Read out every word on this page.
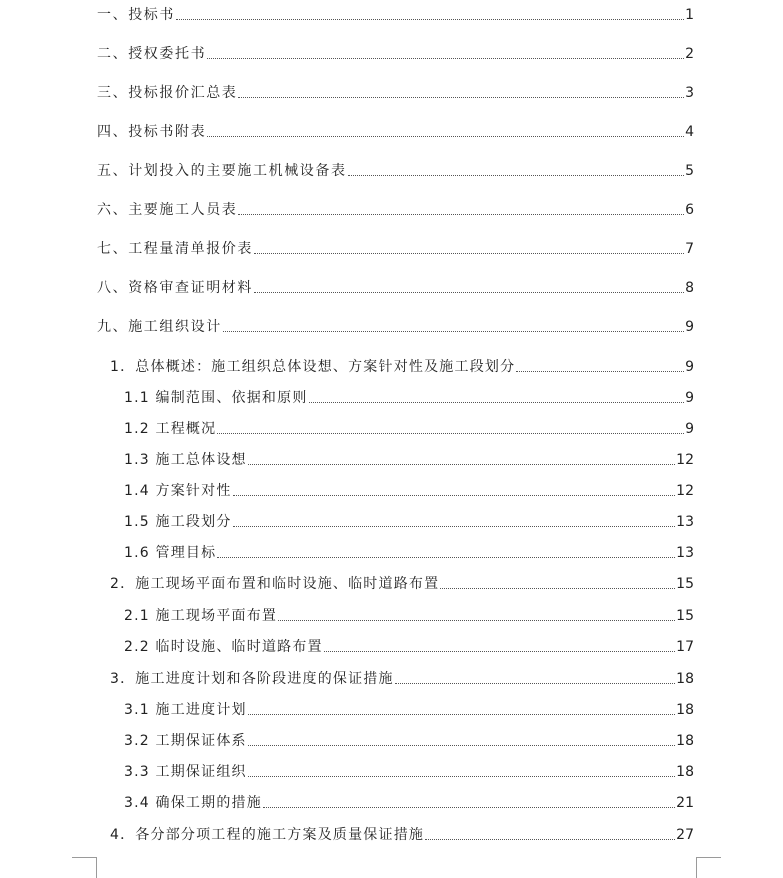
一、投标书	1
二、授权委托书	2
三、投标报价汇总表	3
四、投标书附表	4
五、计划投入的主要施工机械设备表	5
六、主要施工人员表	6
七、工程量清单报价表	7
八、资格审查证明材料	8
九、施工组织设计	9
1．总体概述：施工组织总体设想、方案针对性及施工段划分	9
1.1 编制范围、依据和原则	9
1.2 工程概况	9
1.3 施工总体设想	12
1.4 方案针对性	12
1.5 施工段划分	13
1.6 管理目标	13
2．施工现场平面布置和临时设施、临时道路布置	15
2.1 施工现场平面布置	15
2.2 临时设施、临时道路布置	17
3．施工进度计划和各阶段进度的保证措施	18
3.1 施工进度计划	18
3.2 工期保证体系	18
3.3 工期保证组织	18
3.4 确保工期的措施	21
4．各分部分项工程的施工方案及质量保证措施	27
